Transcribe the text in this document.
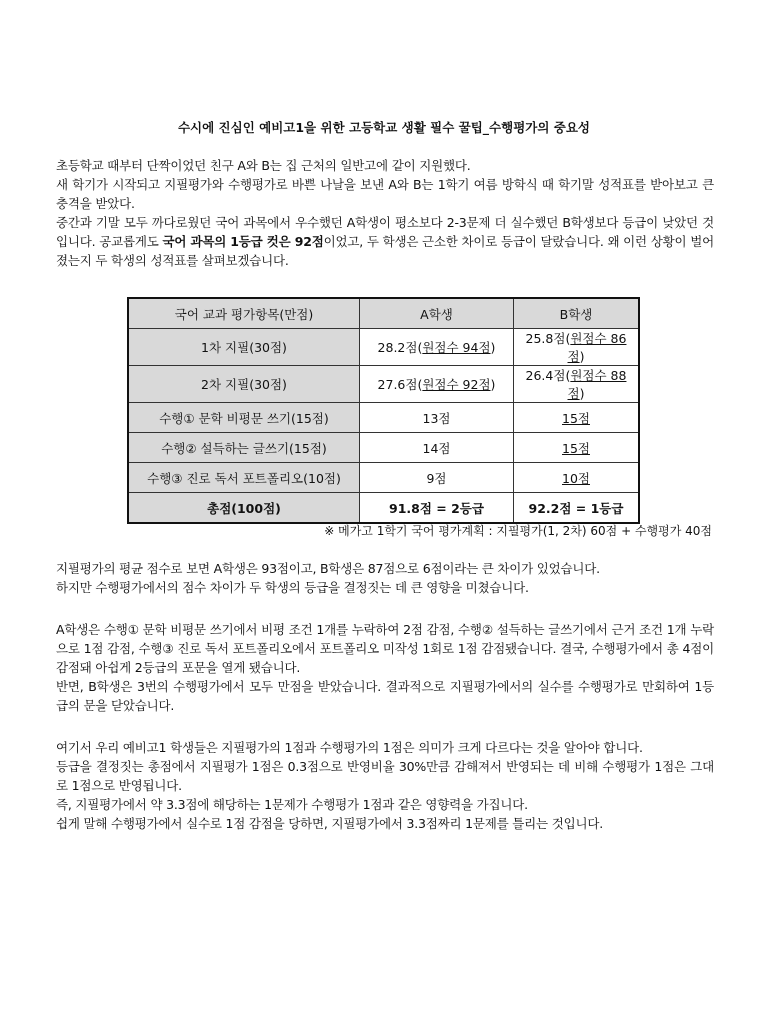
수시에 진심인 예비고1을 위한 고등학교 생활 필수 꿀팁_수행평가의 중요성

초등학교 때부터 단짝이었던 친구 A와 B는 집 근처의 일반고에 같이 지원했다.

새 학기가 시작되고 지필평가와 수행평가로 바쁜 나날을 보낸 A와 B는 1학기 여름 방학식 때 학기말 성적표를 받아보고 큰 충격을 받았다.

중간과 기말 모두 까다로웠던 국어 과목에서 우수했던 A학생이 평소보다 2-3문제 더 실수했던 B학생보다 등급이 낮았던 것입니다. 공교롭게도 국어 과목의 1등급 컷은 92점이었고, 두 학생은 근소한 차이로 등급이 달랐습니다. 왜 이런 상황이 벌어졌는지 두 학생의 성적표를 살펴보겠습니다.

국어 교과 평가항목(만점)	A학생	B학생
1차 지필(30점)	28.2점(원점수 94점)	25.8점(원점수 86점)
2차 지필(30점)	27.6점(원점수 92점)	26.4점(원점수 88점)
수행① 문학 비평문 쓰기(15점)	13점	15점
수행② 설득하는 글쓰기(15점)	14점	15점
수행③ 진로 독서 포트폴리오(10점)	9점	10점
총점(100점)	91.8점 = 2등급	92.2점 = 1등급
※ 메가고 1학기 국어 평가계획 : 지필평가(1, 2차) 60점 + 수행평가 40점

지필평가의 평균 점수로 보면 A학생은 93점이고, B학생은 87점으로 6점이라는 큰 차이가 있었습니다.

하지만 수행평가에서의 점수 차이가 두 학생의 등급을 결정짓는 데 큰 영향을 미쳤습니다.

A학생은 수행① 문학 비평문 쓰기에서 비평 조건 1개를 누락하여 2점 감점, 수행② 설득하는 글쓰기에서 근거 조건 1개 누락으로 1점 감점, 수행③ 진로 독서 포트폴리오에서 포트폴리오 미작성 1회로 1점 감점됐습니다. 결국, 수행평가에서 총 4점이 감점돼 아쉽게 2등급의 포문을 열게 됐습니다.

반면, B학생은 3번의 수행평가에서 모두 만점을 받았습니다. 결과적으로 지필평가에서의 실수를 수행평가로 만회하여 1등급의 문을 닫았습니다.

여기서 우리 예비고1 학생들은 지필평가의 1점과 수행평가의 1점은 의미가 크게 다르다는 것을 알아야 합니다.

등급을 결정짓는 총점에서 지필평가 1점은 0.3점으로 반영비율 30%만큼 감해져서 반영되는 데 비해 수행평가 1점은 그대로 1점으로 반영됩니다.

즉, 지필평가에서 약 3.3점에 해당하는 1문제가 수행평가 1점과 같은 영향력을 가집니다.

쉽게 말해 수행평가에서 실수로 1점 감점을 당하면, 지필평가에서 3.3점짜리 1문제를 틀리는 것입니다.
